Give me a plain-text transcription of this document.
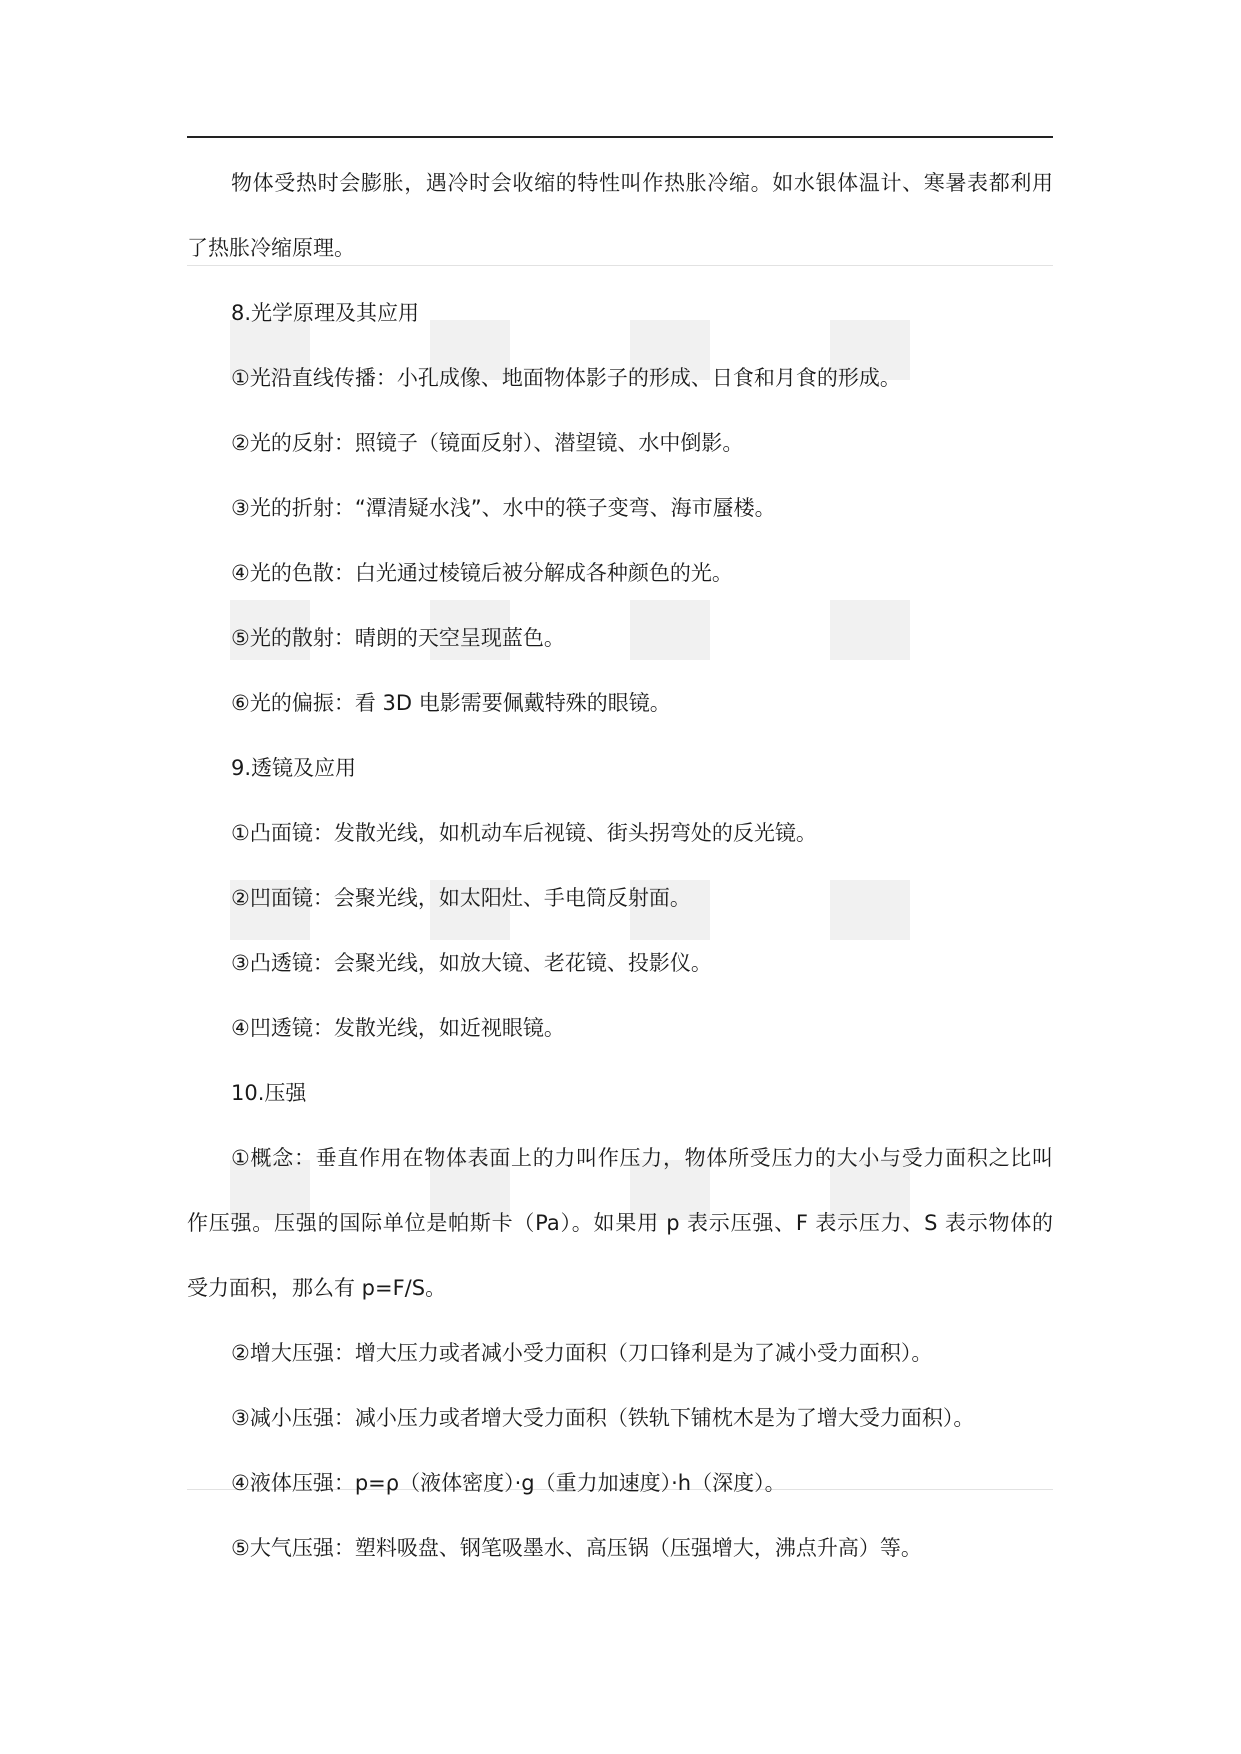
物体受热时会膨胀，遇冷时会收缩的特性叫作热胀冷缩。如水银体温计、寒暑表都利用
了热胀冷缩原理。
8.光学原理及其应用
①光沿直线传播：小孔成像、地面物体影子的形成、日食和月食的形成。
②光的反射：照镜子（镜面反射）、潜望镜、水中倒影。
③光的折射：“潭清疑水浅”、水中的筷子变弯、海市蜃楼。
④光的色散：白光通过棱镜后被分解成各种颜色的光。
⑤光的散射：晴朗的天空呈现蓝色。
⑥光的偏振：看 3D 电影需要佩戴特殊的眼镜。
9.透镜及应用
①凸面镜：发散光线，如机动车后视镜、街头拐弯处的反光镜。
②凹面镜：会聚光线，如太阳灶、手电筒反射面。
③凸透镜：会聚光线，如放大镜、老花镜、投影仪。
④凹透镜：发散光线，如近视眼镜。
10.压强
①概念：垂直作用在物体表面上的力叫作压力，物体所受压力的大小与受力面积之比叫
作压强。压强的国际单位是帕斯卡（Pa）。如果用 p 表示压强、F 表示压力、S 表示物体的
受力面积，那么有 p=F/S。
②增大压强：增大压力或者减小受力面积（刀口锋利是为了减小受力面积）。
③减小压强：减小压力或者增大受力面积（铁轨下铺枕木是为了增大受力面积）。
④液体压强：p=ρ（液体密度）·g（重力加速度）·h（深度）。
⑤大气压强：塑料吸盘、钢笔吸墨水、高压锅（压强增大，沸点升高）等。
